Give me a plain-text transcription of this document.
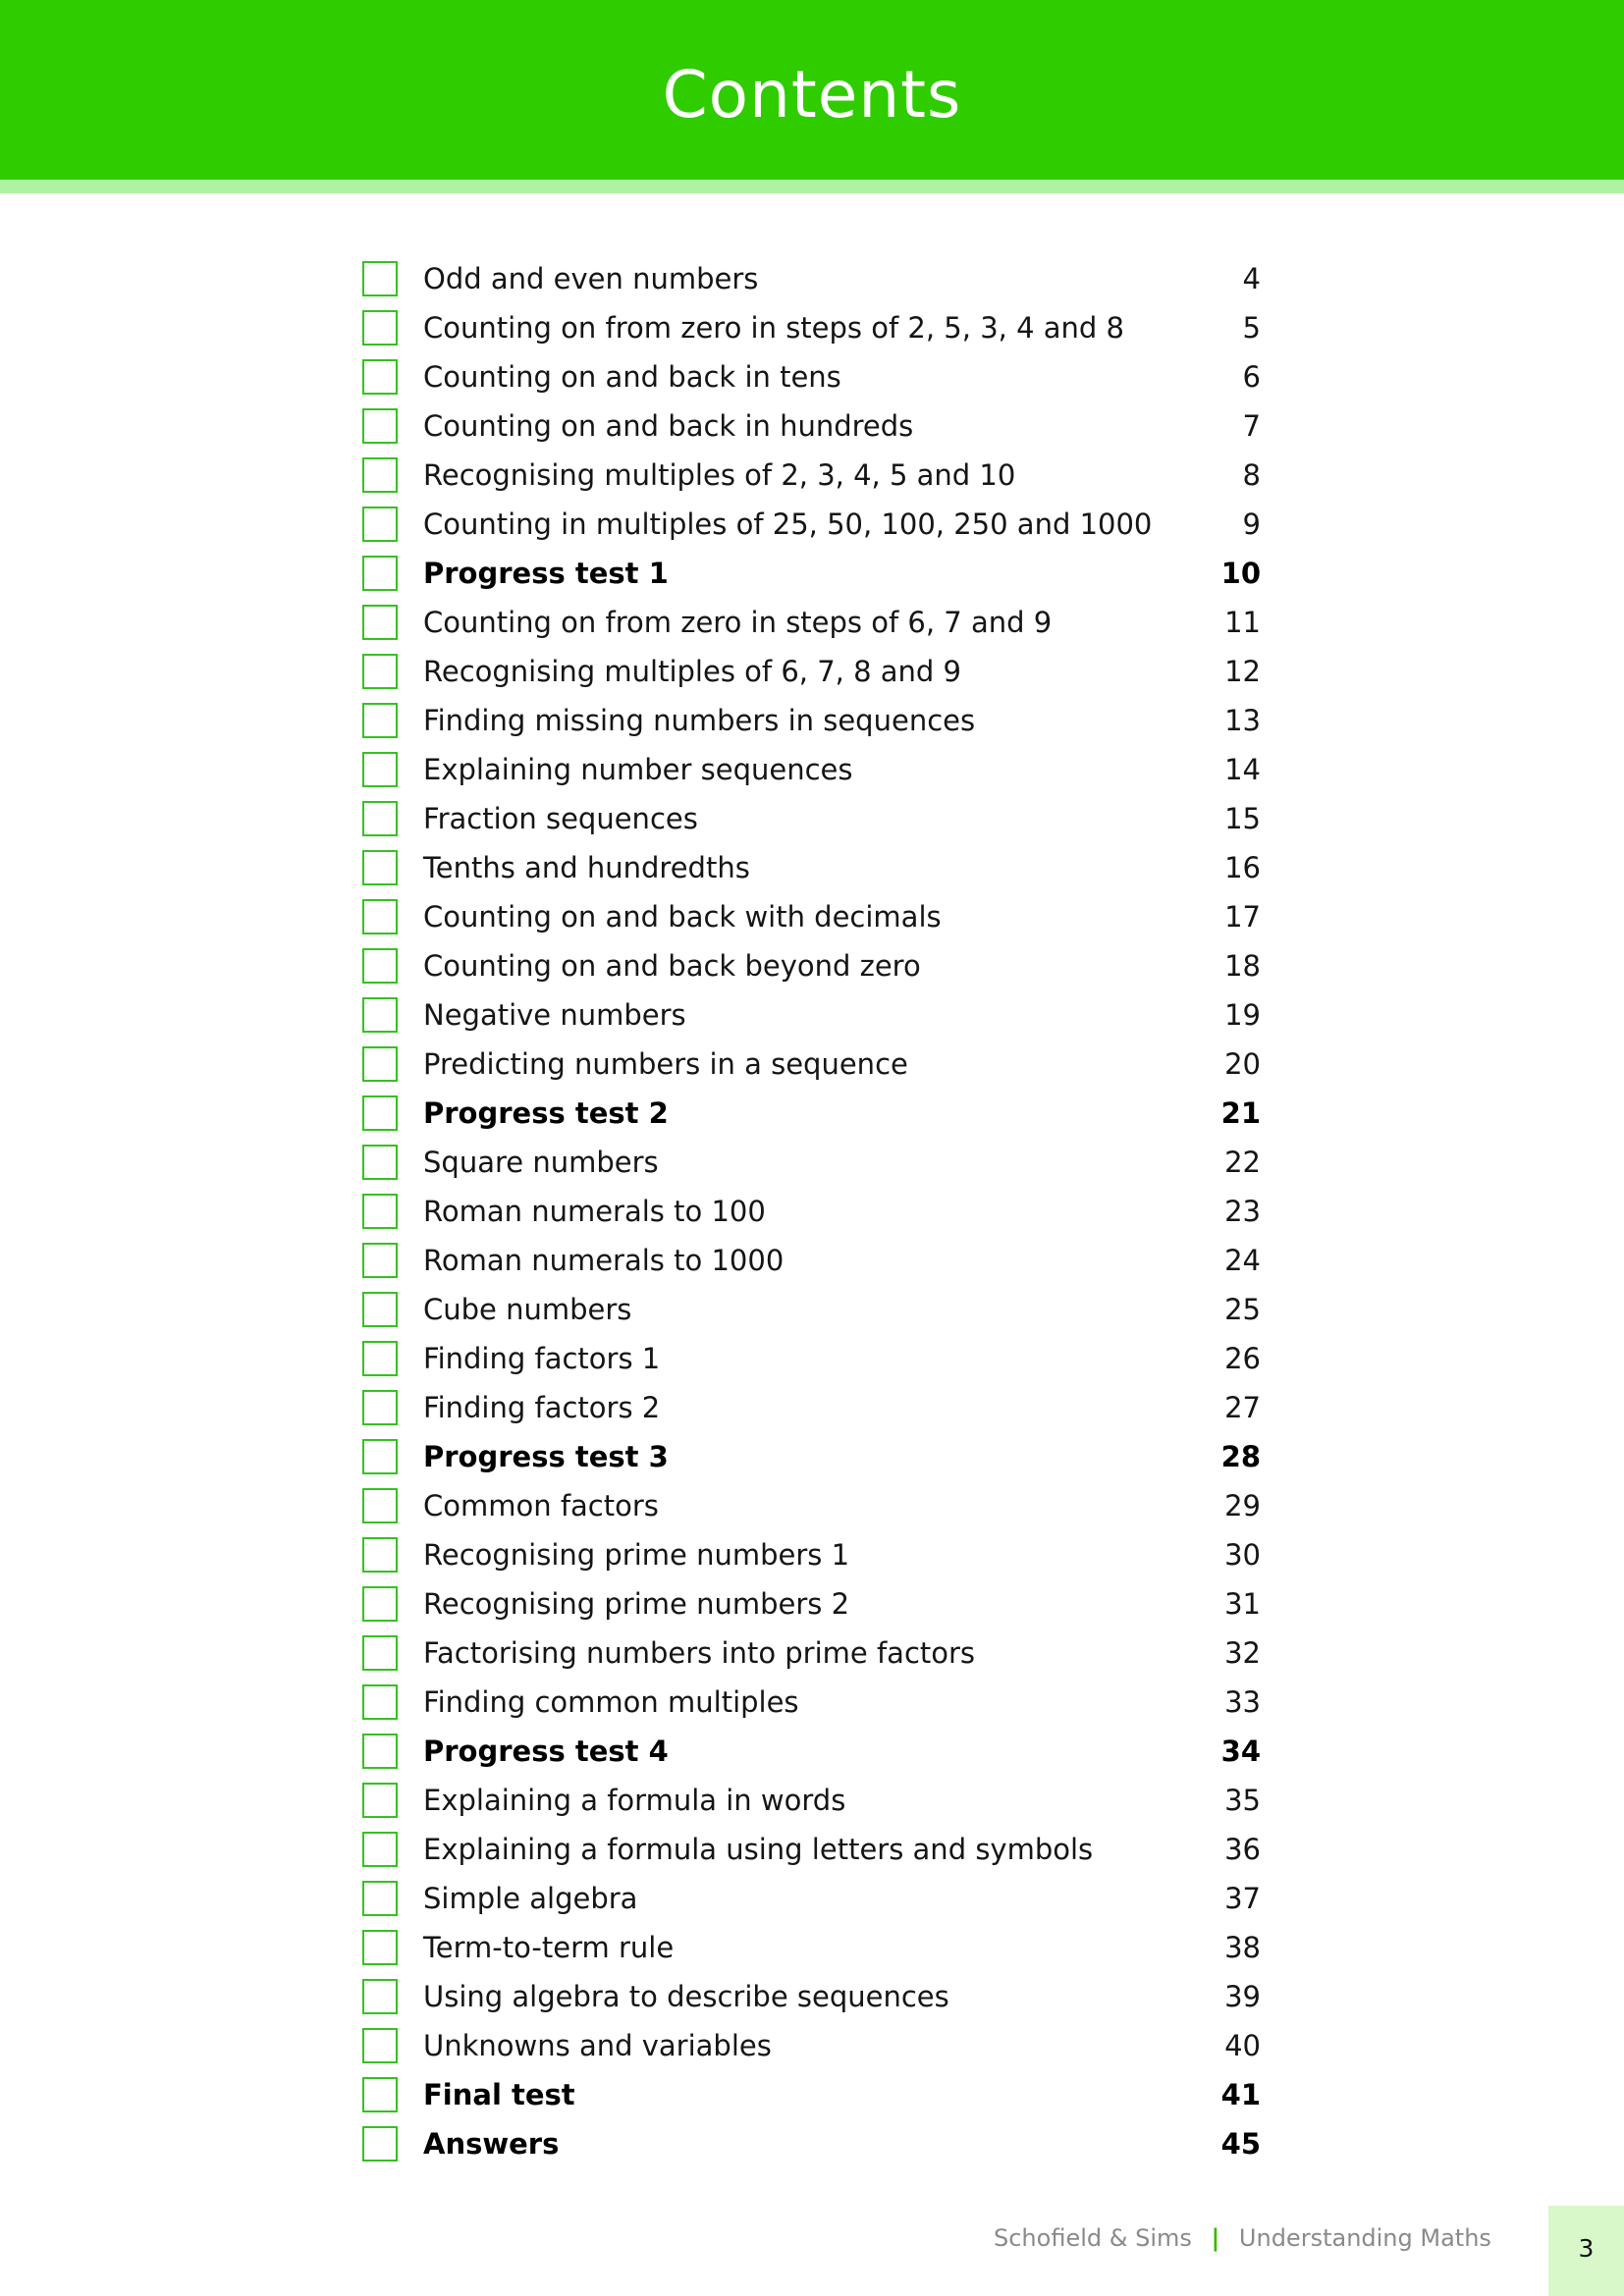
Contents
Odd and even numbers	4
Counting on from zero in steps of 2, 5, 3, 4 and 8	5
Counting on and back in tens	6
Counting on and back in hundreds	7
Recognising multiples of 2, 3, 4, 5 and 10	8
Counting in multiples of 25, 50, 100, 250 and 1000	9
Progress test 1	10
Counting on from zero in steps of 6, 7 and 9	11
Recognising multiples of 6, 7, 8 and 9	12
Finding missing numbers in sequences	13
Explaining number sequences	14
Fraction sequences	15
Tenths and hundredths	16
Counting on and back with decimals	17
Counting on and back beyond zero	18
Negative numbers	19
Predicting numbers in a sequence	20
Progress test 2	21
Square numbers	22
Roman numerals to 100	23
Roman numerals to 1000	24
Cube numbers	25
Finding factors 1	26
Finding factors 2	27
Progress test 3	28
Common factors	29
Recognising prime numbers 1	30
Recognising prime numbers 2	31
Factorising numbers into prime factors	32
Finding common multiples	33
Progress test 4	34
Explaining a formula in words	35
Explaining a formula using letters and symbols	36
Simple algebra	37
Term-to-term rule	38
Using algebra to describe sequences	39
Unknowns and variables	40
Final test	41
Answers	45
Schofield & Sims | Understanding Maths	3
